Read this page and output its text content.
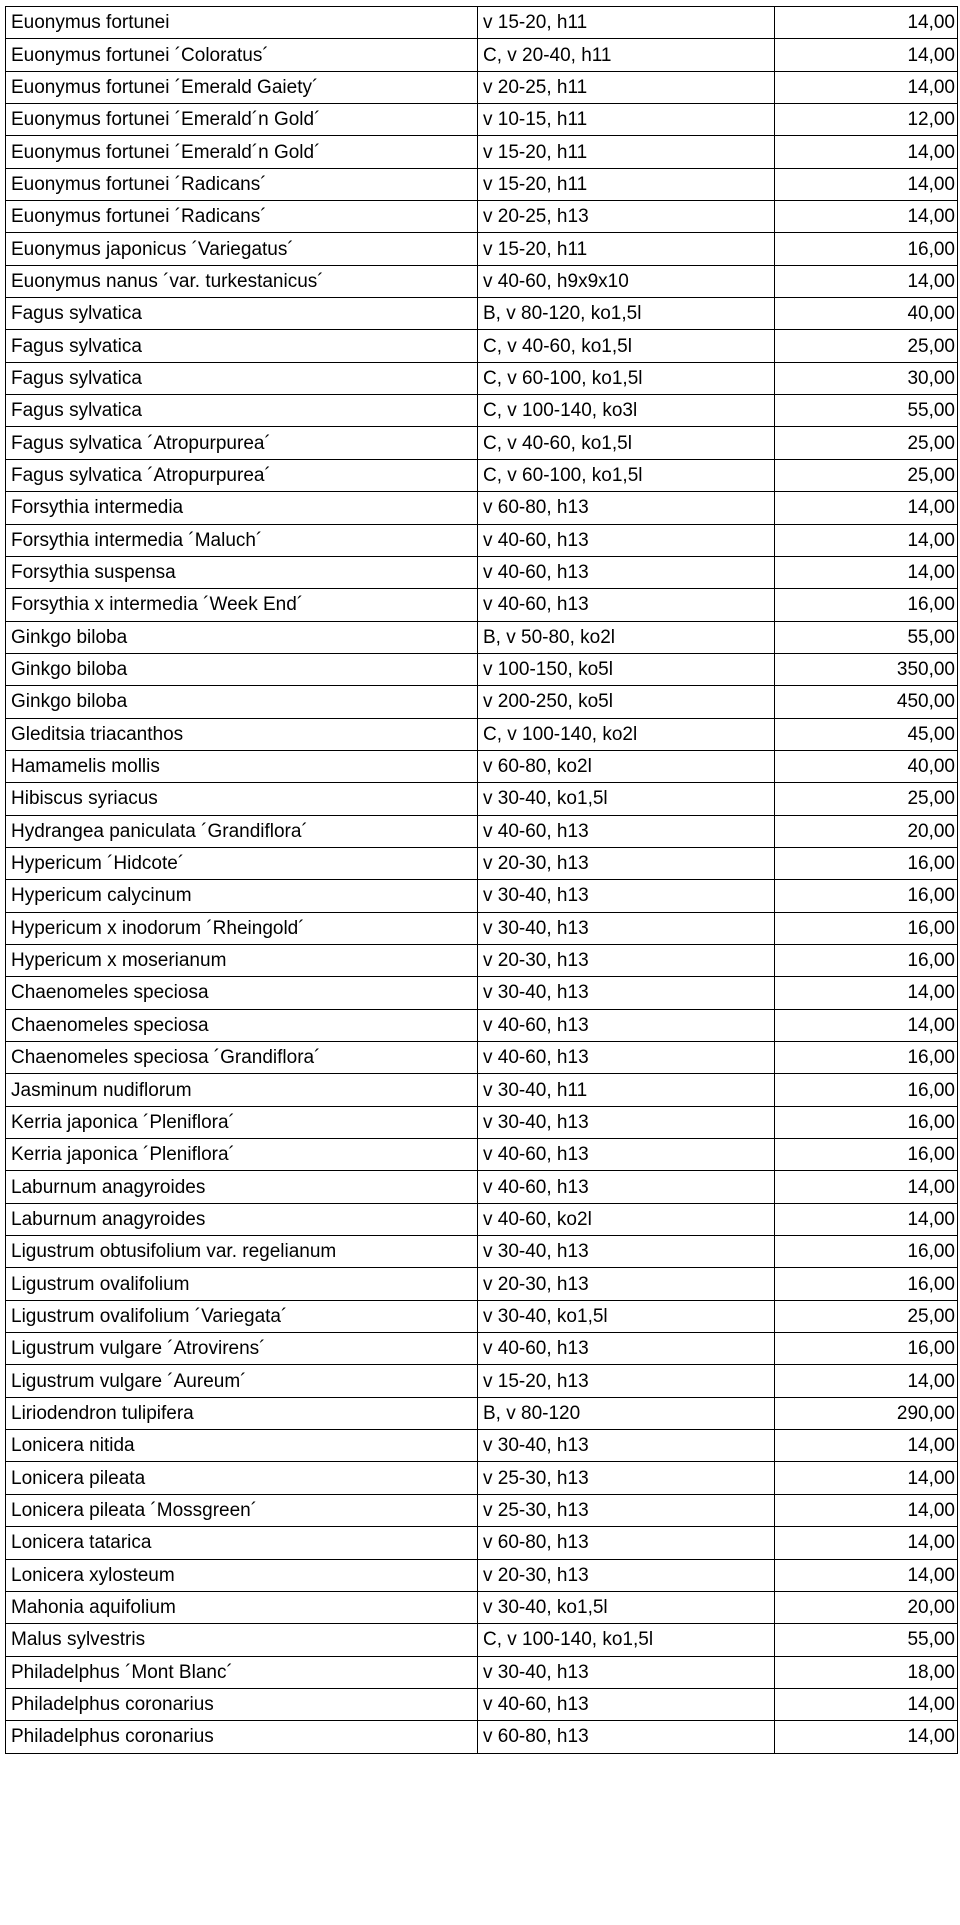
Euonymus fortunei	v 15-20, h11	14,00
Euonymus fortunei ´Coloratus´	C, v 20-40, h11	14,00
Euonymus fortunei ´Emerald Gaiety´	v 20-25, h11	14,00
Euonymus fortunei ´Emerald´n Gold´	v 10-15, h11	12,00
Euonymus fortunei ´Emerald´n Gold´	v 15-20, h11	14,00
Euonymus fortunei ´Radicans´	v 15-20, h11	14,00
Euonymus fortunei ´Radicans´	v 20-25, h13	14,00
Euonymus japonicus ´Variegatus´	v 15-20, h11	16,00
Euonymus nanus ´var. turkestanicus´	v 40-60, h9x9x10	14,00
Fagus sylvatica	B, v 80-120, ko1,5l	40,00
Fagus sylvatica	C, v 40-60, ko1,5l	25,00
Fagus sylvatica	C, v 60-100, ko1,5l	30,00
Fagus sylvatica	C, v 100-140, ko3l	55,00
Fagus sylvatica ´Atropurpurea´	C, v 40-60, ko1,5l	25,00
Fagus sylvatica ´Atropurpurea´	C, v 60-100, ko1,5l	25,00
Forsythia intermedia	v 60-80, h13	14,00
Forsythia intermedia ´Maluch´	v 40-60, h13	14,00
Forsythia suspensa	v 40-60, h13	14,00
Forsythia x intermedia ´Week End´	v 40-60, h13	16,00
Ginkgo biloba	B, v 50-80, ko2l	55,00
Ginkgo biloba	v 100-150, ko5l	350,00
Ginkgo biloba	v 200-250, ko5l	450,00
Gleditsia triacanthos	C, v 100-140, ko2l	45,00
Hamamelis mollis	v 60-80, ko2l	40,00
Hibiscus syriacus	v 30-40, ko1,5l	25,00
Hydrangea paniculata ´Grandiflora´	v 40-60, h13	20,00
Hypericum ´Hidcote´	v 20-30, h13	16,00
Hypericum calycinum	v 30-40, h13	16,00
Hypericum x inodorum ´Rheingold´	v 30-40, h13	16,00
Hypericum x moserianum	v 20-30, h13	16,00
Chaenomeles speciosa	v 30-40, h13	14,00
Chaenomeles speciosa	v 40-60, h13	14,00
Chaenomeles speciosa ´Grandiflora´	v 40-60, h13	16,00
Jasminum nudiflorum	v 30-40, h11	16,00
Kerria japonica ´Pleniflora´	v 30-40, h13	16,00
Kerria japonica ´Pleniflora´	v 40-60, h13	16,00
Laburnum anagyroides	v 40-60, h13	14,00
Laburnum anagyroides	v 40-60, ko2l	14,00
Ligustrum obtusifolium var. regelianum	v 30-40, h13	16,00
Ligustrum ovalifolium	v 20-30, h13	16,00
Ligustrum ovalifolium ´Variegata´	v 30-40, ko1,5l	25,00
Ligustrum vulgare ´Atrovirens´	v 40-60, h13	16,00
Ligustrum vulgare ´Aureum´	v 15-20, h13	14,00
Liriodendron tulipifera	B, v 80-120	290,00
Lonicera nitida	v 30-40, h13	14,00
Lonicera pileata	v 25-30, h13	14,00
Lonicera pileata ´Mossgreen´	v 25-30, h13	14,00
Lonicera tatarica	v 60-80, h13	14,00
Lonicera xylosteum	v 20-30, h13	14,00
Mahonia aquifolium	v 30-40, ko1,5l	20,00
Malus sylvestris	C, v 100-140, ko1,5l	55,00
Philadelphus ´Mont Blanc´	v 30-40, h13	18,00
Philadelphus coronarius	v 40-60, h13	14,00
Philadelphus coronarius	v 60-80, h13	14,00
